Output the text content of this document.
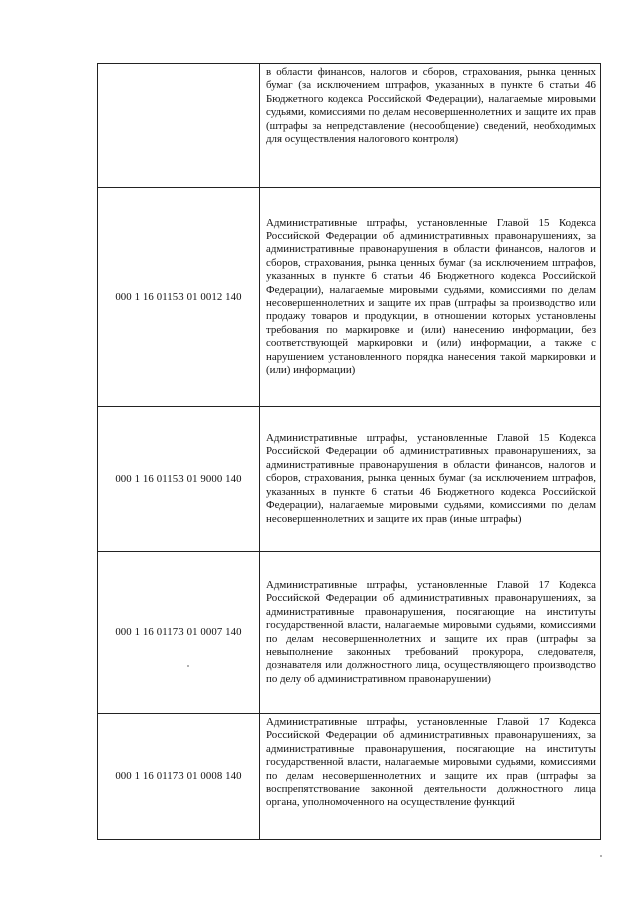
	в области финансов, налогов и сборов, страхования, рынка ценных бумаг (за исключением штрафов, указанных в пункте 6 статьи 46 Бюджетного кодекса Российской Федерации), налагаемые мировыми судьями, комиссиями по делам несовершеннолетних и защите их прав (штрафы за непредставление (несообщение) сведений, необходимых для осуществления налогового контроля)

000 1 16 01153 01 0012 140	Административные штрафы, установленные Главой 15 Кодекса Российской Федерации об административных правонарушениях, за административные правонарушения в области финансов, налогов и сборов, страхования, рынка ценных бумаг (за исключением штрафов, указанных в пункте 6 статьи 46 Бюджетного кодекса Российской Федерации), налагаемые мировыми судьями, комиссиями по делам несовершеннолетних и защите их прав (штрафы за производство или продажу товаров и продукции, в отношении которых установлены требования по маркировке и (или) нанесению информации, без соответствующей маркировки и (или) информации, а также с нарушением установленного порядка нанесения такой маркировки и (или) информации)

000 1 16 01153 01 9000 140	Административные штрафы, установленные Главой 15 Кодекса Российской Федерации об административных правонарушениях, за административные правонарушения в области финансов, налогов и сборов, страхования, рынка ценных бумаг (за исключением штрафов, указанных в пункте 6 статьи 46 Бюджетного кодекса Российской Федерации), налагаемые мировыми судьями, комиссиями по делам несовершеннолетних и защите их прав (иные штрафы)

000 1 16 01173 01 0007 140	Административные штрафы, установленные Главой 17 Кодекса Российской Федерации об административных правонарушениях, за административные правонарушения, посягающие на институты государственной власти, налагаемые мировыми судьями, комиссиями по делам несовершеннолетних и защите их прав (штрафы за невыполнение законных требований прокурора, следователя, дознавателя или должностного лица, осуществляющего производство по делу об административном правонарушении)

000 1 16 01173 01 0008 140	Административные штрафы, установленные Главой 17 Кодекса Российской Федерации об административных правонарушениях, за административные правонарушения, посягающие на институты государственной власти, налагаемые мировыми судьями, комиссиями по делам несовершеннолетних и защите их прав (штрафы за воспрепятствование законной деятельности должностного лица органа, уполномоченного на осуществление функций
